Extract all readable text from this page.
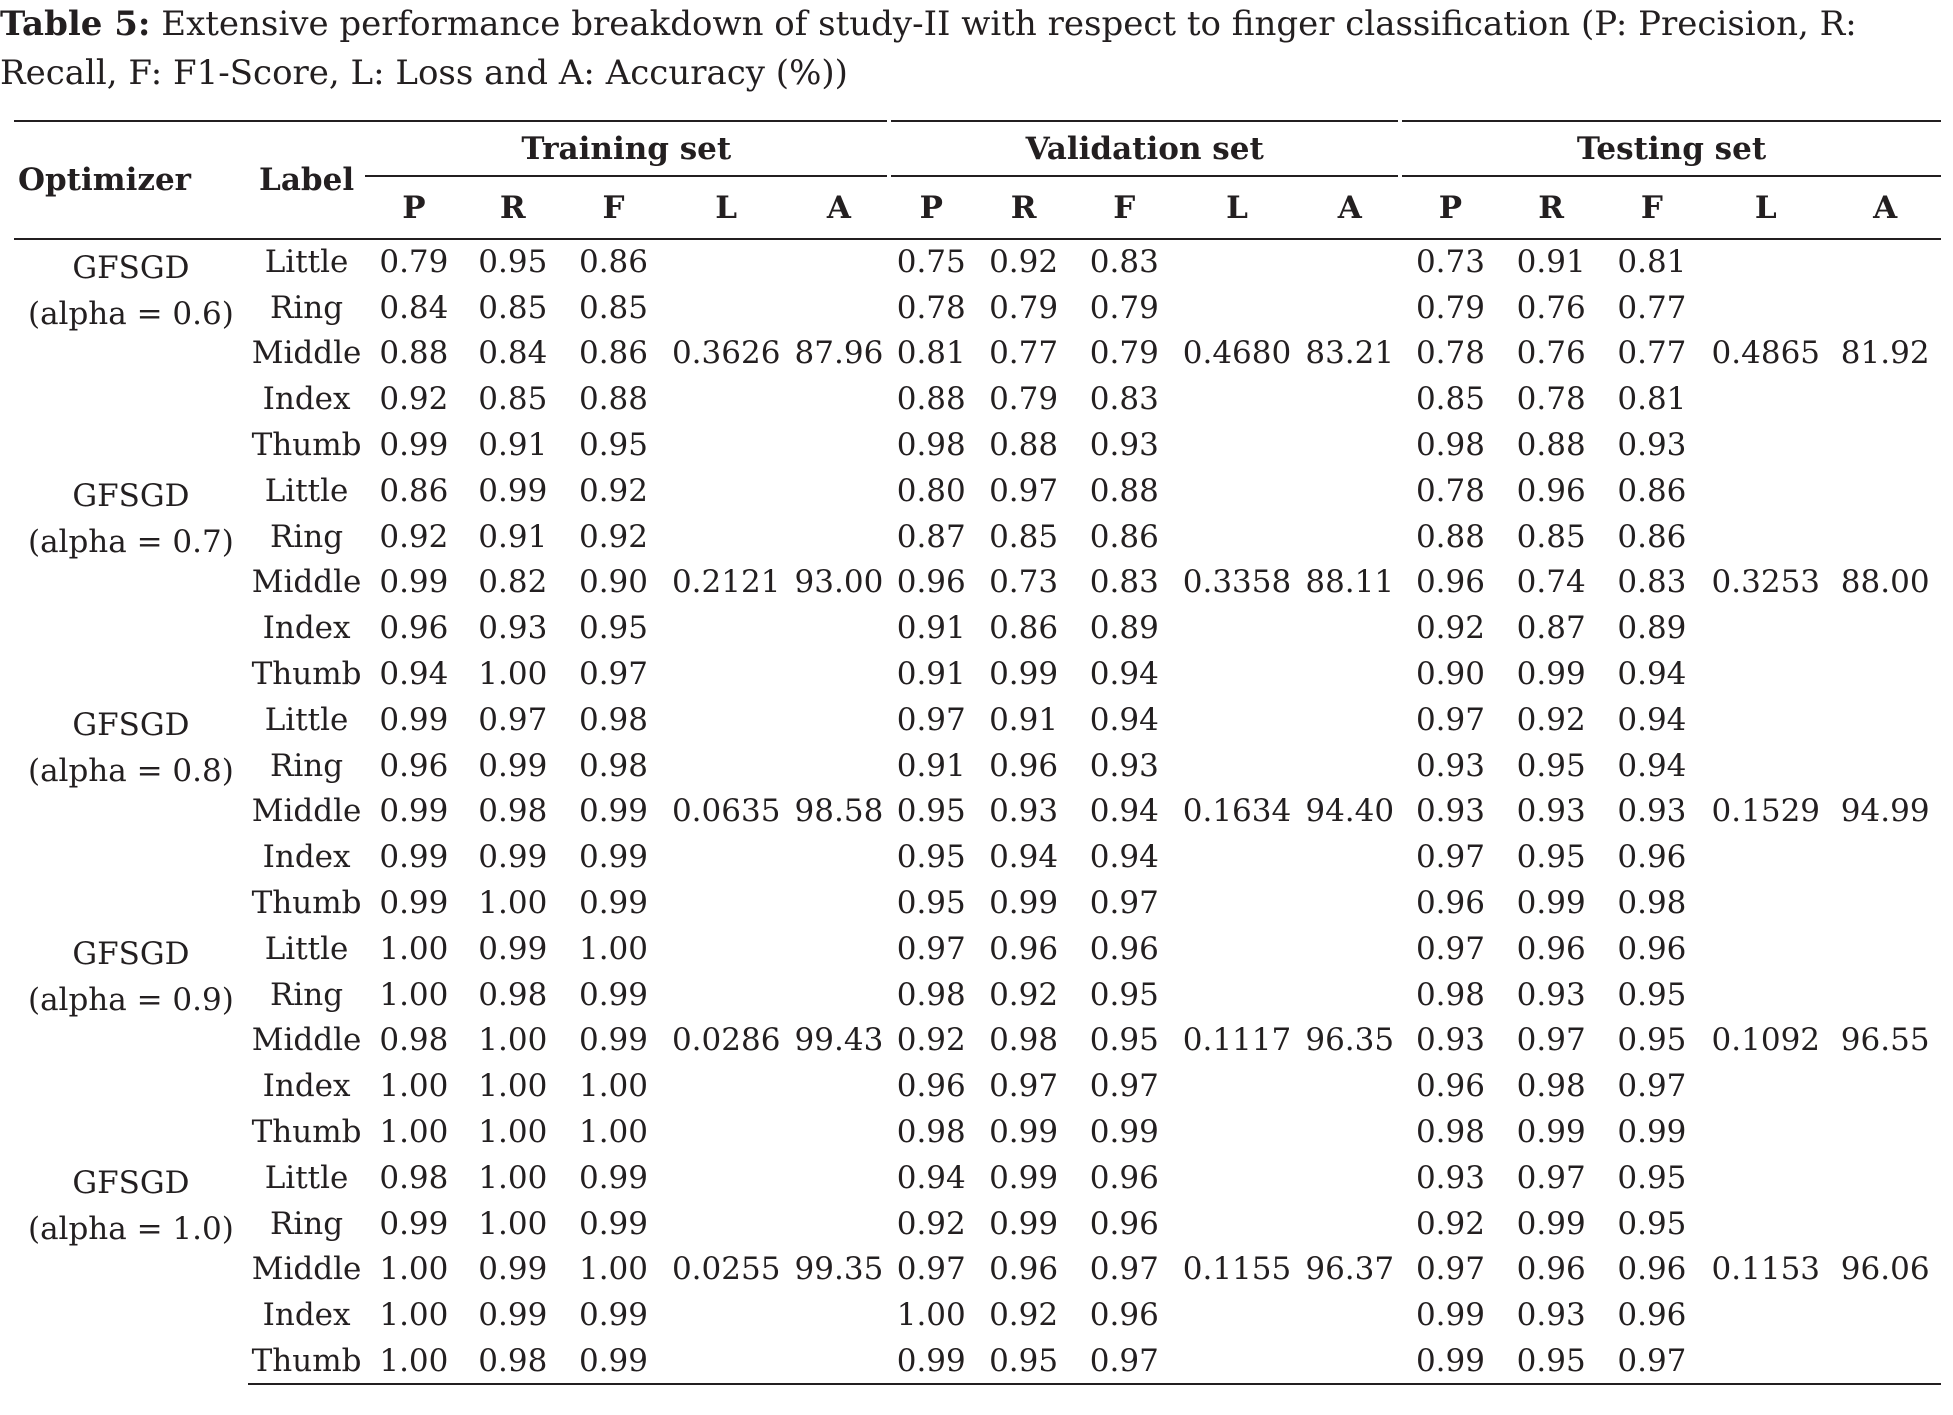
Table 5: Extensive performance breakdown of study-II with respect to finger classification (P: Precision, R: Recall, F: F1-Score, L: Loss and A: Accuracy (%))
Optimizer	Label	Training set					Validation set					Testing set				
		P	R	F	L	A	P	R	F	L	A	P	R	F	L	A

GFSGD
(alpha = 0.6)	Little	0.79	0.95	0.86			0.75	0.92	0.83			0.73	0.91	0.81		
	Ring	0.84	0.85	0.85			0.78	0.79	0.79			0.79	0.76	0.77		
	Middle	0.88	0.84	0.86	0.3626	87.96	0.81	0.77	0.79	0.4680	83.21	0.78	0.76	0.77	0.4865	81.92
	Index	0.92	0.85	0.88			0.88	0.79	0.83			0.85	0.78	0.81		
	Thumb	0.99	0.91	0.95			0.98	0.88	0.93			0.98	0.88	0.93		

GFSGD
(alpha = 0.7)	Little	0.86	0.99	0.92			0.80	0.97	0.88			0.78	0.96	0.86		
	Ring	0.92	0.91	0.92			0.87	0.85	0.86			0.88	0.85	0.86		
	Middle	0.99	0.82	0.90	0.2121	93.00	0.96	0.73	0.83	0.3358	88.11	0.96	0.74	0.83	0.3253	88.00
	Index	0.96	0.93	0.95			0.91	0.86	0.89			0.92	0.87	0.89		
	Thumb	0.94	1.00	0.97			0.91	0.99	0.94			0.90	0.99	0.94		

GFSGD
(alpha = 0.8)	Little	0.99	0.97	0.98			0.97	0.91	0.94			0.97	0.92	0.94		
	Ring	0.96	0.99	0.98			0.91	0.96	0.93			0.93	0.95	0.94		
	Middle	0.99	0.98	0.99	0.0635	98.58	0.95	0.93	0.94	0.1634	94.40	0.93	0.93	0.93	0.1529	94.99
	Index	0.99	0.99	0.99			0.95	0.94	0.94			0.97	0.95	0.96		
	Thumb	0.99	1.00	0.99			0.95	0.99	0.97			0.96	0.99	0.98		

GFSGD
(alpha = 0.9)	Little	1.00	0.99	1.00			0.97	0.96	0.96			0.97	0.96	0.96		
	Ring	1.00	0.98	0.99			0.98	0.92	0.95			0.98	0.93	0.95		
	Middle	0.98	1.00	0.99	0.0286	99.43	0.92	0.98	0.95	0.1117	96.35	0.93	0.97	0.95	0.1092	96.55
	Index	1.00	1.00	1.00			0.96	0.97	0.97			0.96	0.98	0.97		
	Thumb	1.00	1.00	1.00			0.98	0.99	0.99			0.98	0.99	0.99		

GFSGD
(alpha = 1.0)	Little	0.98	1.00	0.99			0.94	0.99	0.96			0.93	0.97	0.95		
	Ring	0.99	1.00	0.99			0.92	0.99	0.96			0.92	0.99	0.95		
	Middle	1.00	0.99	1.00	0.0255	99.35	0.97	0.96	0.97	0.1155	96.37	0.97	0.96	0.96	0.1153	96.06
	Index	1.00	0.99	0.99			1.00	0.92	0.96			0.99	0.93	0.96		
	Thumb	1.00	0.98	0.99			0.99	0.95	0.97			0.99	0.95	0.97		
